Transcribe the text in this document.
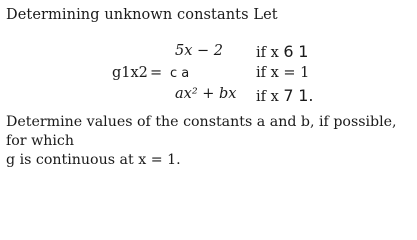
Determining unknown constants Let
g1x2 =
5x − 2
c a
ax² + bx
if x 6 1
if x = 1
if x 7 1.
Determine values of the constants a and b, if possible, for which
g is continuous at x = 1.
